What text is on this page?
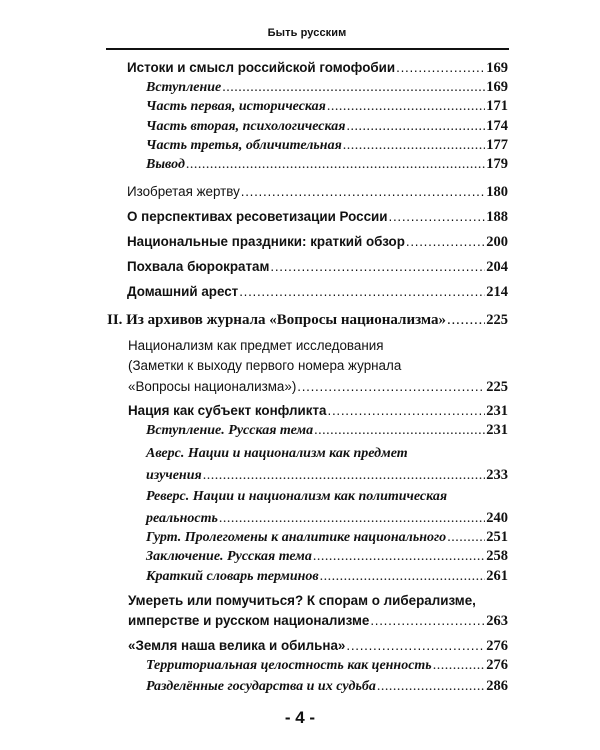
Быть русским
Истоки и смысл российской гомофобии . . .	169
Вступление . . .	169
Часть первая, историческая . . .	171
Часть вторая, психологическая . . .	174
Часть третья, обличительная . . .	177
Вывод . . .	179
Изобретая жертву . . .	180
О перспективах ресоветизации России . . .	188
Национальные праздники: краткий обзор . . .	200
Похвала бюрократам . . .	204
Домашний арест . . .	214
II. Из архивов журнала «Вопросы национализма» . . .	225
Национализм как предмет исследования
(Заметки к выходу первого номера журнала
«Вопросы национализма») . . .	225
Нация как субъект конфликта . . .	231
Вступление. Русская тема . . .	231
Аверс. Нации и национализм как предмет
изучения . . .	233
Реверс. Нации и национализм как политическая
реальность . . .	240
Гурт. Пролегомены к аналитике национального . . .	251
Заключение. Русская тема . . .	258
Краткий словарь терминов . . .	261
Умереть или помучиться? К спорам о либерализме,
имперстве и русском национализме . . .	263
«Земля наша велика и обильна» . . .	276
Территориальная целостность как ценность . . .	276
Разделённые государства и их судьба . . .	286
- 4 -
